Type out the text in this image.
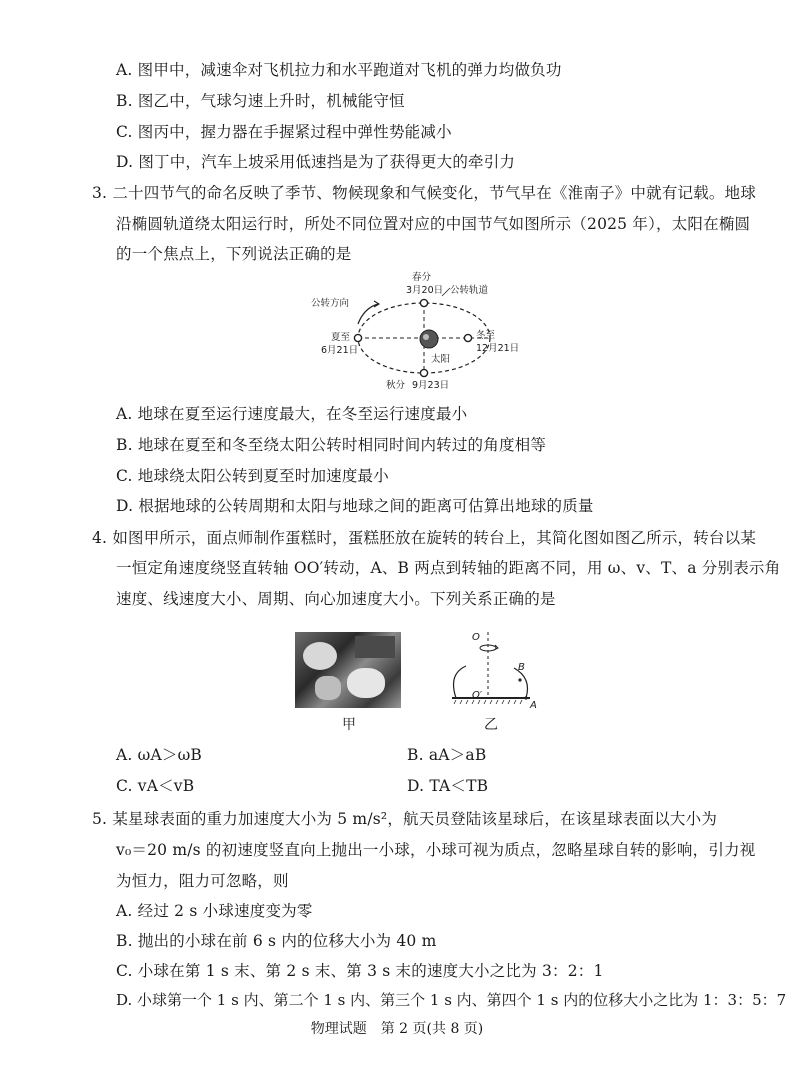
A. 图甲中，减速伞对飞机拉力和水平跑道对飞机的弹力均做负功
B. 图乙中，气球匀速上升时，机械能守恒
C. 图丙中，握力器在手握紧过程中弹性势能减小
D. 图丁中，汽车上坡采用低速挡是为了获得更大的牵引力
3. 二十四节气的命名反映了季节、物候现象和气候变化，节气早在《淮南子》中就有记载。地球
沿椭圆轨道绕太阳运行时，所处不同位置对应的中国节气如图所示（2025 年），太阳在椭圆
的一个焦点上，下列说法正确的是
春分
3月20日 公转轨道
公转方向
夏至
6月21日
冬至
12月21日
太阳
秋分 9月23日
A. 地球在夏至运行速度最大，在冬至运行速度最小
B. 地球在夏至和冬至绕太阳公转时相同时间内转过的角度相等
C. 地球绕太阳公转到夏至时加速度最小
D. 根据地球的公转周期和太阳与地球之间的距离可估算出地球的质量
4. 如图甲所示，面点师制作蛋糕时，蛋糕胚放在旋转的转台上，其简化图如图乙所示，转台以某
一恒定角速度绕竖直转轴 OO′转动，A、B 两点到转轴的距离不同，用 ω、v、T、a 分别表示角
速度、线速度大小、周期、向心加速度大小。下列关系正确的是
甲
O
O′
B
A
乙
A. ωA＞ωB	B. aA＞aB
C. vA＜vB	D. TA＜TB
5. 某星球表面的重力加速度大小为 5 m/s²，航天员登陆该星球后，在该星球表面以大小为
v₀＝20 m/s 的初速度竖直向上抛出一小球，小球可视为质点，忽略星球自转的影响，引力视
为恒力，阻力可忽略，则
A. 经过 2 s 小球速度变为零
B. 抛出的小球在前 6 s 内的位移大小为 40 m
C. 小球在第 1 s 末、第 2 s 末、第 3 s 末的速度大小之比为 3：2：1
D. 小球第一个 1 s 内、第二个 1 s 内、第三个 1 s 内、第四个 1 s 内的位移大小之比为 1：3：5：7
物理试题　第 2 页(共 8 页)
